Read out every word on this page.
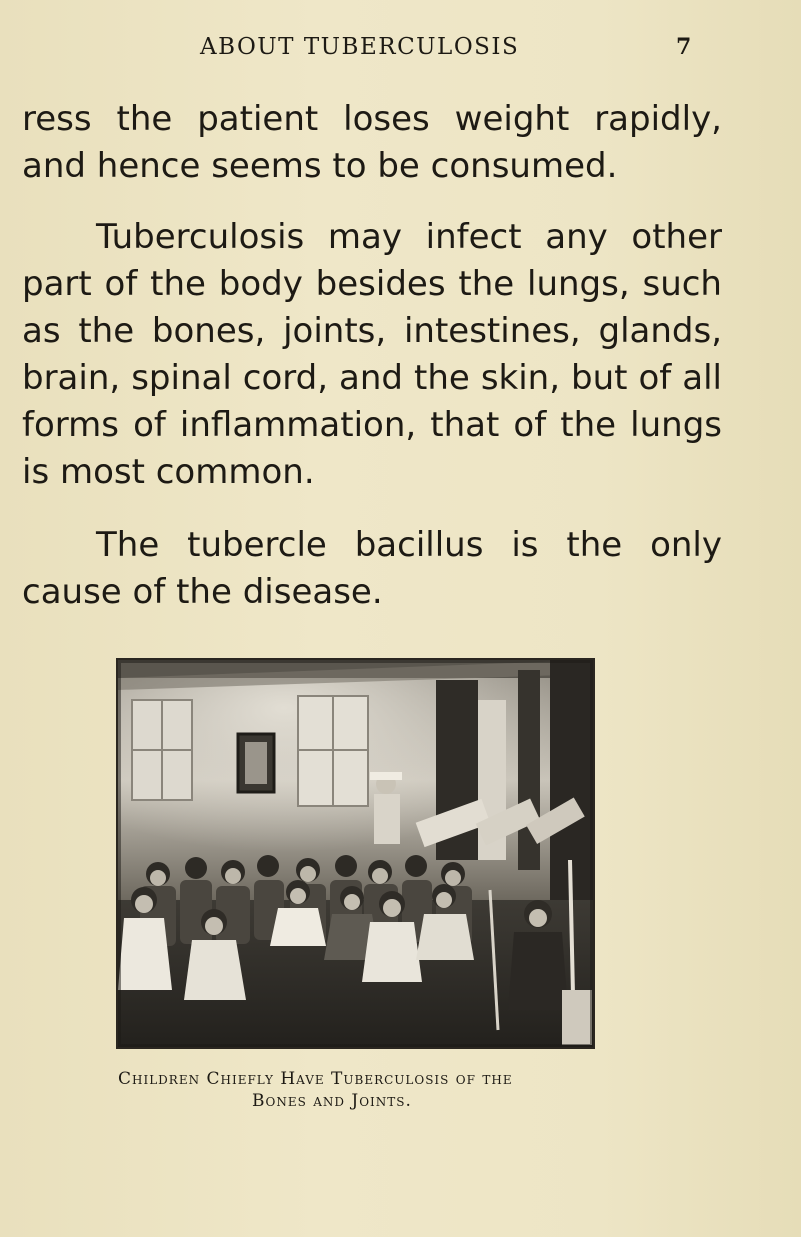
ABOUT TUBERCULOSIS	7

ress the patient loses weight rapidly, and hence seems to be consumed.

Tuberculosis may infect any other part of the body besides the lungs, such as the bones, joints, intestines, glands, brain, spinal cord, and the skin, but of all forms of inflammation, that of the lungs is most common.

The tubercle bacillus is the only cause of the disease.

Children Chiefly Have Tuberculosis of the
Bones and Joints.
